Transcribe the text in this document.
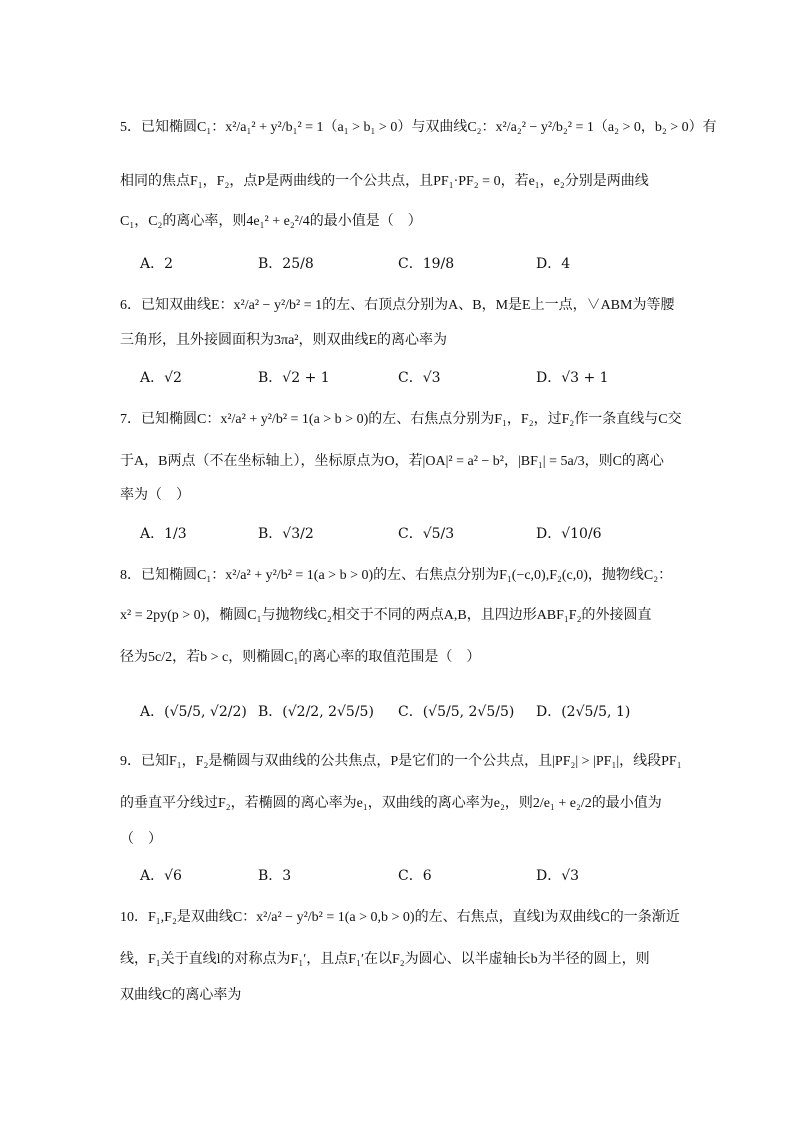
5．已知椭圆C₁：x²/a₁² + y²/b₁² = 1（a₁ > b₁ > 0）与双曲线C₂：x²/a₂² − y²/b₂² = 1（a₂ > 0，b₂ > 0）有
相同的焦点F₁，F₂，点P是两曲线的一个公共点，且PF₁·PF₂ = 0，若e₁，e₂分别是两曲线
C₁，C₂的离心率，则4e₁² + e₂²/4的最小值是（　）
A．2	B．25/8	C．19/8	D．4
6．已知双曲线E：x²/a² − y²/b² = 1的左、右顶点分别为A、B，M是E上一点，∨ABM为等腰
三角形，且外接圆面积为3πa²，则双曲线E的离心率为
A．√2	B．√2 + 1	C．√3	D．√3 + 1
7．已知椭圆C：x²/a² + y²/b² = 1(a > b > 0)的左、右焦点分别为F₁，F₂，过F₂作一条直线与C交
于A，B两点（不在坐标轴上），坐标原点为O，若|OA|² = a² − b²，|BF₁| = 5a/3，则C的离心
率为（　）
A．1/3	B．√3/2	C．√5/3	D．√10/6
8．已知椭圆C₁：x²/a² + y²/b² = 1(a > b > 0)的左、右焦点分别为F₁(−c,0),F₂(c,0)，抛物线C₂：
x² = 2py(p > 0)，椭圆C₁与抛物线C₂相交于不同的两点A,B，且四边形ABF₁F₂的外接圆直
径为5c/2，若b > c，则椭圆C₁的离心率的取值范围是（　）
A．(√5/5, √2/2) B．(√2/2, 2√5/5) C．(√5/5, 2√5/5) D．(2√5/5, 1)
9．已知F₁，F₂是椭圆与双曲线的公共焦点，P是它们的一个公共点，且|PF₂| > |PF₁|，线段PF₁
的垂直平分线过F₂，若椭圆的离心率为e₁，双曲线的离心率为e₂，则2/e₁ + e₂/2的最小值为
（　）
A．√6	B．3	C．6	D．√3
10．F₁,F₂是双曲线C：x²/a² − y²/b² = 1(a > 0,b > 0)的左、右焦点，直线l为双曲线C的一条渐近
线，F₁关于直线l的对称点为F₁′，且点F₁′在以F₂为圆心、以半虚轴长b为半径的圆上，则
双曲线C的离心率为
